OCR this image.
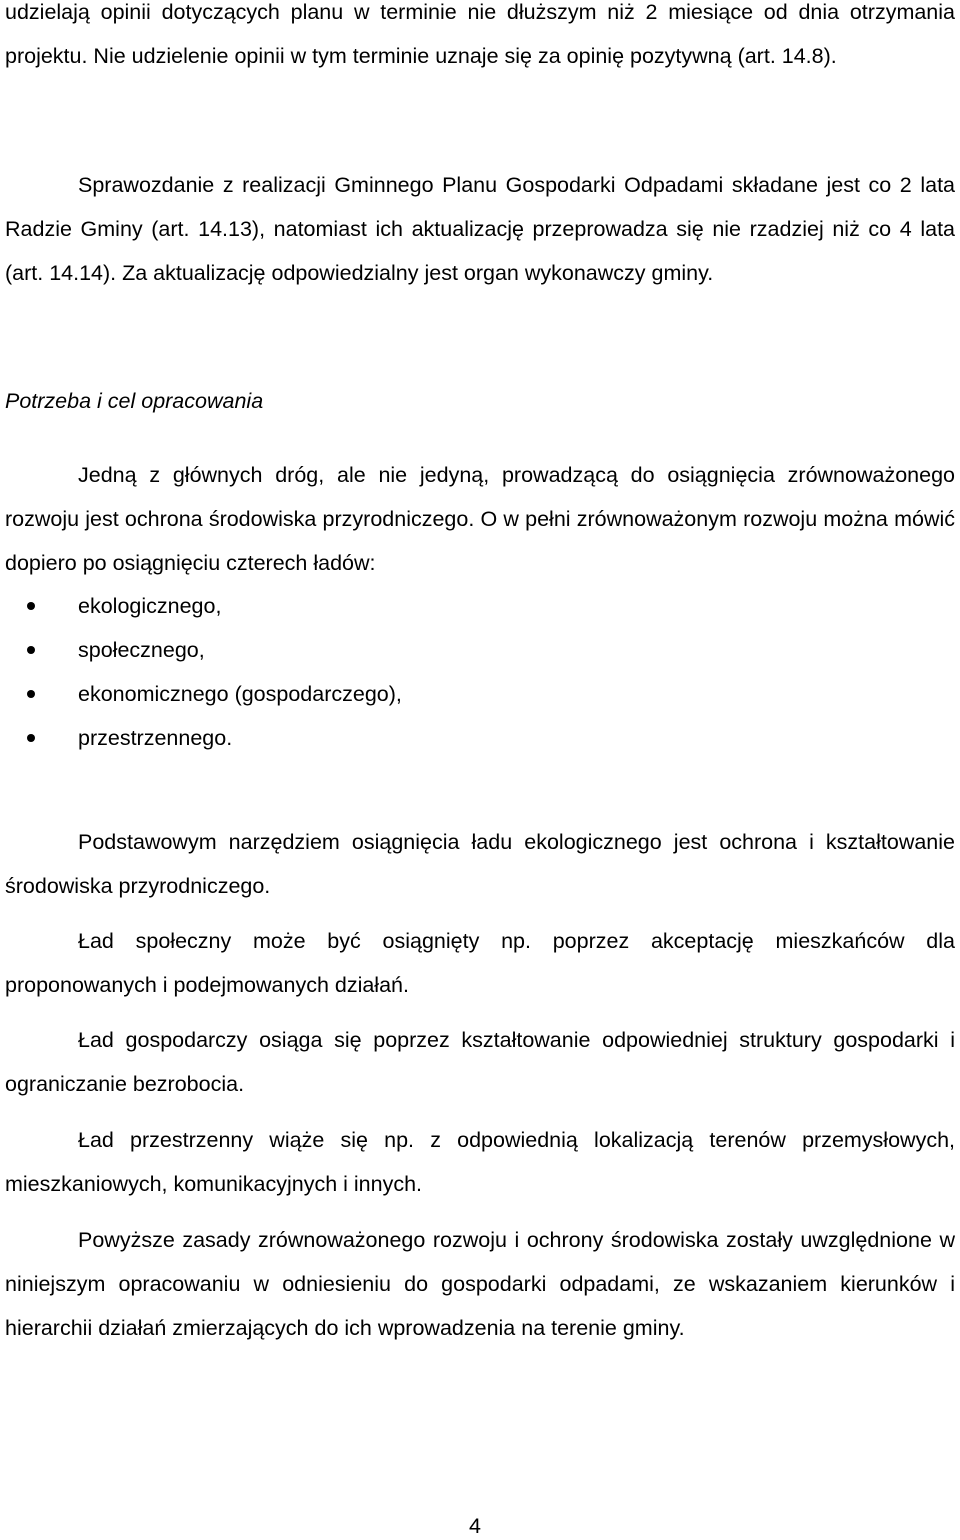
udzielają opinii dotyczących planu w terminie nie dłuższym niż 2 miesiące od dnia otrzymania projektu. Nie udzielenie opinii w tym terminie uznaje się za opinię pozytywną (art. 14.8).

Sprawozdanie z realizacji Gminnego Planu Gospodarki Odpadami składane jest co 2 lata Radzie Gminy (art. 14.13), natomiast ich aktualizację przeprowadza się nie rzadziej niż co 4 lata (art. 14.14). Za aktualizację odpowiedzialny jest organ wykonawczy gminy.

Potrzeba i cel opracowania

Jedną z głównych dróg, ale nie jedyną, prowadzącą do osiągnięcia zrównoważonego rozwoju jest ochrona środowiska przyrodniczego. O w pełni zrównoważonym rozwoju można mówić dopiero po osiągnięciu czterech ładów:

ekologicznego,
społecznego,
ekonomicznego (gospodarczego),
przestrzennego.

Podstawowym narzędziem osiągnięcia ładu ekologicznego jest ochrona i kształtowanie środowiska przyrodniczego.

Ład społeczny może być osiągnięty np. poprzez akceptację mieszkańców dla proponowanych i podejmowanych działań.

Ład gospodarczy osiąga się poprzez kształtowanie odpowiedniej struktury gospodarki i ograniczanie bezrobocia.

Ład przestrzenny wiąże się np. z odpowiednią lokalizacją terenów przemysłowych, mieszkaniowych, komunikacyjnych i innych.

Powyższe zasady zrównoważonego rozwoju i ochrony środowiska zostały uwzględnione w niniejszym opracowaniu w odniesieniu do gospodarki odpadami, ze wskazaniem kierunków i hierarchii działań zmierzających do ich wprowadzenia na terenie gminy.

4
